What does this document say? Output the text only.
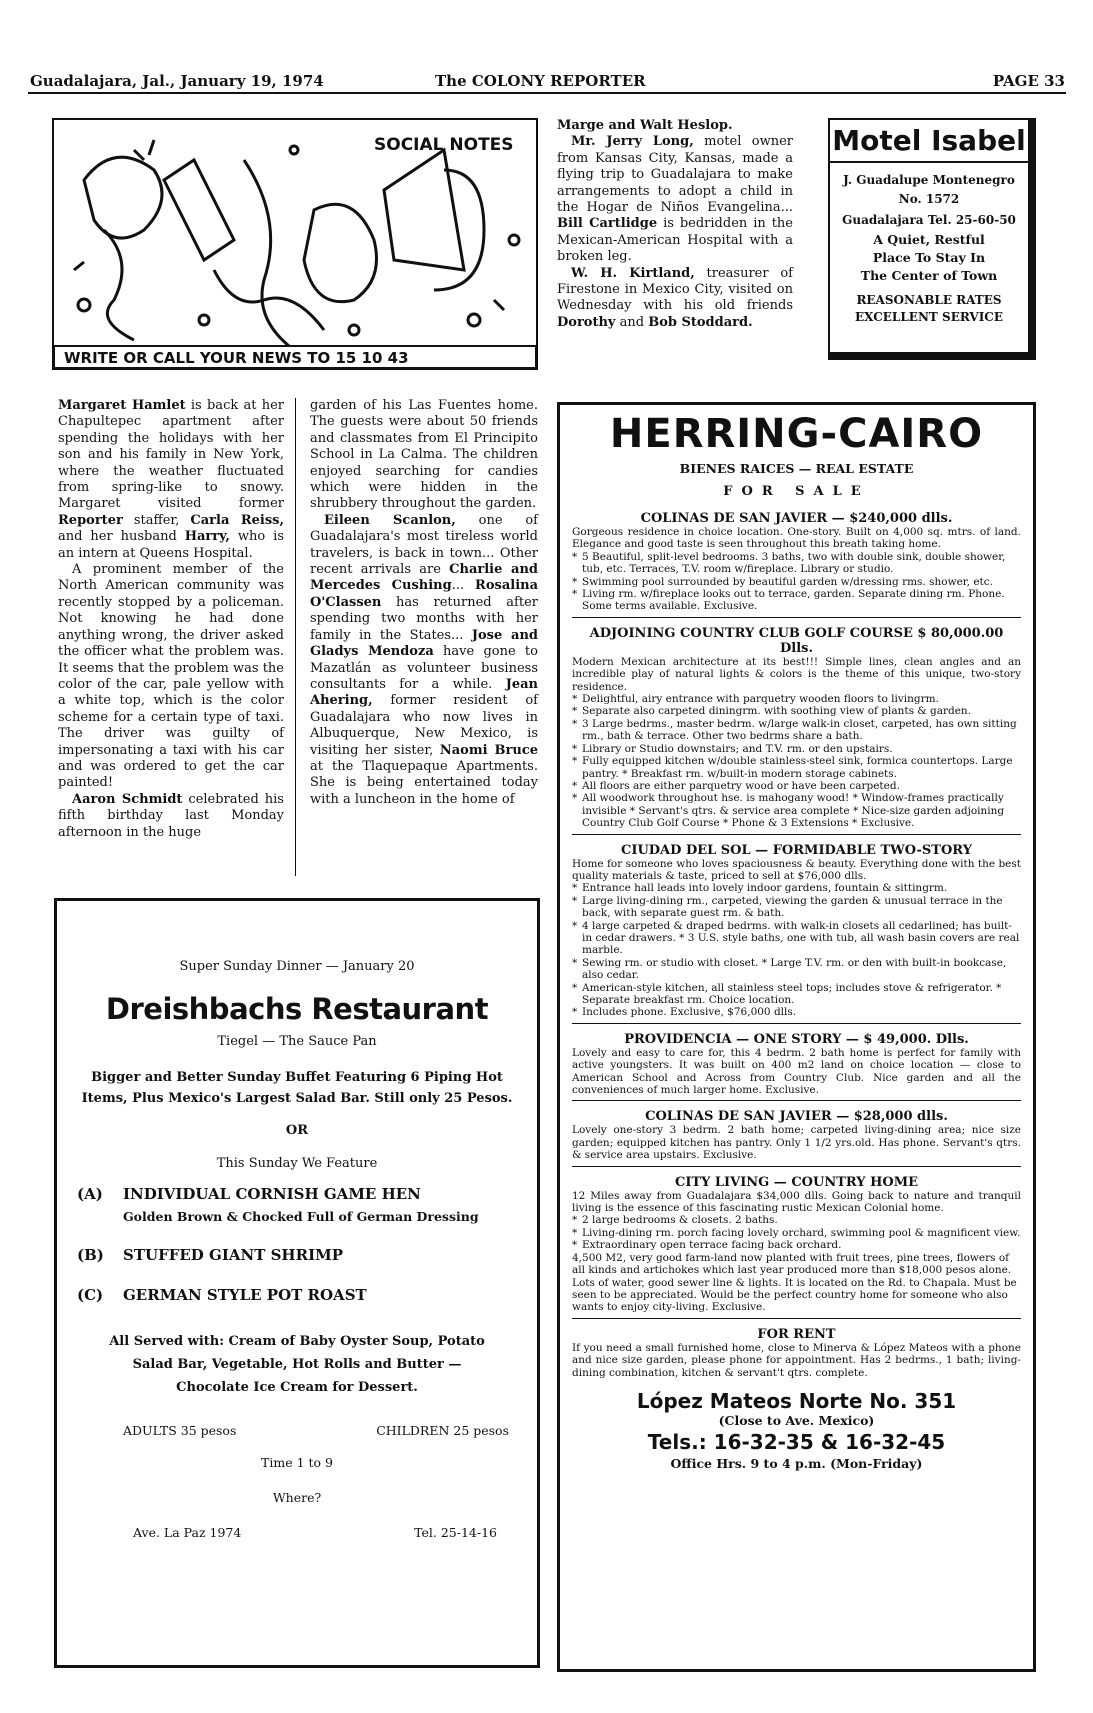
Guadalajara, Jal., January 19, 1974	The COLONY REPORTER	PAGE 33
SOCIAL NOTES
WRITE OR CALL YOUR NEWS TO 15 10 43

Margaret Hamlet is back at her Chapultepec apartment after spending the holidays with her son and his family in New York, where the weather fluctuated from spring-like to snowy. Margaret visited former Reporter staffer, Carla Reiss, and her husband Harry, who is an intern at Queens Hospital.

A prominent member of the North American community was recently stopped by a policeman. Not knowing he had done anything wrong, the driver asked the officer what the problem was. It seems that the problem was the color of the car, pale yellow with a white top, which is the color scheme for a certain type of taxi. The driver was guilty of impersonating a taxi with his car and was ordered to get the car painted!

Aaron Schmidt celebrated his fifth birthday last Monday afternoon in the huge

garden of his Las Fuentes home. The guests were about 50 friends and classmates from El Principito School in La Calma. The children enjoyed searching for candies which were hidden in the shrubbery throughout the garden.

Eileen Scanlon, one of Guadalajara's most tireless world travelers, is back in town... Other recent arrivals are Charlie and Mercedes Cushing... Rosalina O'Classen has returned after spending two months with her family in the States... Jose and Gladys Mendoza have gone to Mazatlán as volunteer business consultants for a while. Jean Ahering, former resident of Guadalajara who now lives in Albuquerque, New Mexico, is visiting her sister, Naomi Bruce at the Tlaquepaque Apartments. She is being entertained today with a luncheon in the home of

Marge and Walt Heslop.

Mr. Jerry Long, motel owner from Kansas City, Kansas, made a flying trip to Guadalajara to make arrangements to adopt a child in the Hogar de Niños Evangelina... Bill Cartlidge is bedridden in the Mexican-American Hospital with a broken leg.

W. H. Kirtland, treasurer of Firestone in Mexico City, visited on Wednesday with his old friends Dorothy and Bob Stoddard.

Motel Isabel
J. Guadalupe Montenegro
No. 1572
Guadalajara Tel. 25-60-50
A Quiet, Restful
Place To Stay In
The Center of Town
REASONABLE RATES
EXCELLENT SERVICE
Super Sunday Dinner — January 20
Dreishbachs Restaurant
Tiegel — The Sauce Pan
Bigger and Better Sunday Buffet Featuring 6 Piping Hot Items, Plus Mexico's Largest Salad Bar. Still only 25 Pesos.
OR
This Sunday We Feature
(A) INDIVIDUAL CORNISH GAME HEN
Golden Brown & Chocked Full of German Dressing
(B) STUFFED GIANT SHRIMP
(C) GERMAN STYLE POT ROAST
All Served with: Cream of Baby Oyster Soup, Potato Salad Bar, Vegetable, Hot Rolls and Butter — Chocolate Ice Cream for Dessert.
ADULTS 35 pesos	CHILDREN 25 pesos
Time 1 to 9
Where?
Ave. La Paz 1974	Tel. 25-14-16
HERRING-CAIRO
BIENES RAICES — REAL ESTATE
FOR SALE
COLINAS DE SAN JAVIER — $240,000 dlls.
Gorgeous residence in choice location. One-story. Built on 4,000 sq. mtrs. of land. Elegance and good taste is seen throughout this breath taking home.
* 5 Beautiful, split-level bedrooms. 3 baths, two with double sink, double shower, tub, etc. Terraces, T.V. room w/fireplace. Library or studio.
* Swimming pool surrounded by beautiful garden w/dressing rms. shower, etc.
* Living rm. w/fireplace looks out to terrace, garden. Separate dining rm. Phone. Some terms available. Exclusive.
ADJOINING COUNTRY CLUB GOLF COURSE $ 80,000.00 Dlls.
Modern Mexican architecture at its best!!! Simple lines, clean angles and an incredible play of natural lights & colors is the theme of this unique, two-story residence.
* Delightful, airy entrance with parquetry wooden floors to livingrm.
* Separate also carpeted diningrm. with soothing view of plants & garden.
* 3 Large bedrms., master bedrm. w/large walk-in closet, carpeted, has own sitting rm., bath & terrace. Other two bedrms share a bath.
* Library or Studio downstairs; and T.V. rm. or den upstairs.
* Fully equipped kitchen w/double stainless-steel sink, formica countertops. Large pantry. * Breakfast rm. w/built-in modern storage cabinets.
* All floors are either parquetry wood or have been carpeted.
* All woodwork throughout hse. is mahogany wood! * Window-frames practically invisible * Servant's qtrs. & service area complete * Nice-size garden adjoining Country Club Golf Course * Phone & 3 Extensions * Exclusive.
CIUDAD DEL SOL — FORMIDABLE TWO-STORY
Home for someone who loves spaciousness & beauty. Everything done with the best quality materials & taste, priced to sell at $76,000 dlls.
* Entrance hall leads into lovely indoor gardens, fountain & sittingrm.
* Large living-dining rm., carpeted, viewing the garden & unusual terrace in the back, with separate guest rm. & bath.
* 4 large carpeted & draped bedrms. with walk-in closets all cedarlined; has built-in cedar drawers. * 3 U.S. style baths, one with tub, all wash basin covers are real marble.
* Sewing rm. or studio with closet. * Large T.V. rm. or den with built-in bookcase, also cedar.
* American-style kitchen, all stainless steel tops; includes stove & refrigerator. * Separate breakfast rm. Choice location.
* Includes phone. Exclusive, $76,000 dlls.
PROVIDENCIA — ONE STORY — $ 49,000. Dlls.
Lovely and easy to care for, this 4 bedrm. 2 bath home is perfect for family with active youngsters. It was built on 400 m2 land on choice location — close to American School and Across from Country Club. Nice garden and all the conveniences of much larger home. Exclusive.
COLINAS DE SAN JAVIER — $28,000 dlls.
Lovely one-story 3 bedrm. 2 bath home; carpeted living-dining area; nice size garden; equipped kitchen has pantry. Only 1 1/2 yrs.old. Has phone. Servant's qtrs. & service area upstairs. Exclusive.
CITY LIVING — COUNTRY HOME
12 Miles away from Guadalajara $34,000 dlls. Going back to nature and tranquil living is the essence of this fascinating rustic Mexican Colonial home.
* 2 large bedrooms & closets. 2 baths.
* Living-dining rm. porch facing lovely orchard, swimming pool & magnificent view.
* Extraordinary open terrace facing back orchard.
4,500 M2, very good farm-land now planted with fruit trees, pine trees, flowers of all kinds and artichokes which last year produced more than $18,000 pesos alone. Lots of water, good sewer line & lights. It is located on the Rd. to Chapala. Must be seen to be appreciated. Would be the perfect country home for someone who also wants to enjoy city-living. Exclusive.
FOR RENT
If you need a small furnished home, close to Minerva & López Mateos with a phone and nice size garden, please phone for appointment. Has 2 bedrms., 1 bath; living-dining combination, kitchen & servant't qtrs. complete.
López Mateos Norte No. 351
(Close to Ave. Mexico)
Tels.: 16-32-35 & 16-32-45
Office Hrs. 9 to 4 p.m. (Mon-Friday)
